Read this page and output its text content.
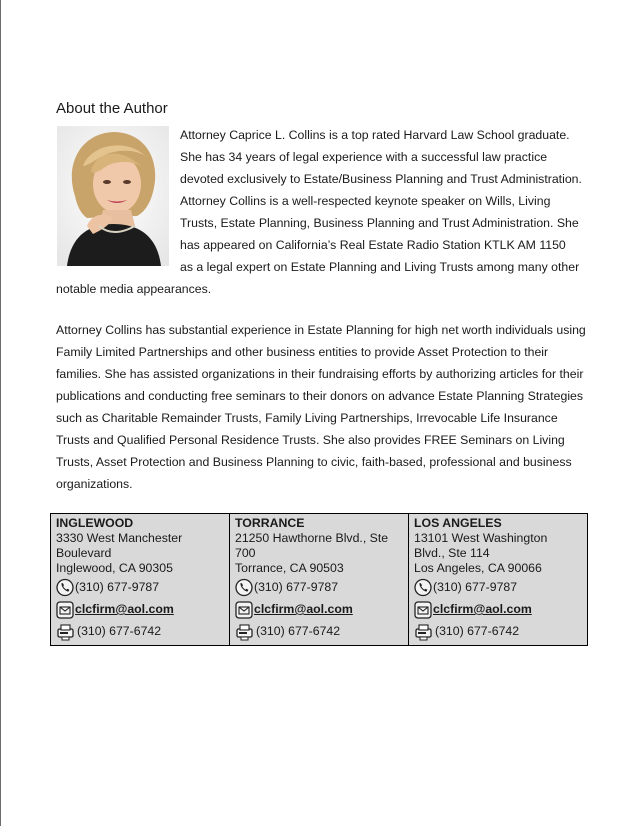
About the Author

Attorney Caprice L. Collins is a top rated Harvard Law School graduate. She has 34 years of legal experience with a successful law practice devoted exclusively to Estate/Business Planning and Trust Administration. Attorney Collins is a well-respected keynote speaker on Wills, Living Trusts, Estate Planning, Business Planning and Trust Administration. She has appeared on California’s Real Estate Radio Station KTLK AM 1150 as a legal expert on Estate Planning and Living Trusts among many other notable media appearances.

Attorney Collins has substantial experience in Estate Planning for high net worth individuals using Family Limited Partnerships and other business entities to provide Asset Protection to their families. She has assisted organizations in their fundraising efforts by authorizing articles for their publications and conducting free seminars to their donors on advance Estate Planning Strategies such as Charitable Remainder Trusts, Family Living Partnerships, Irrevocable Life Insurance Trusts and Qualified Personal Residence Trusts. She also provides FREE Seminars on Living Trusts, Asset Protection and Business Planning to civic, faith-based, professional and business organizations.

INGLEWOOD
3330 West Manchester
Boulevard
Inglewood, CA 90305
(310) 677-9787
clcfirm@aol.com
(310) 677-6742

TORRANCE
21250 Hawthorne Blvd., Ste
700
Torrance, CA 90503
(310) 677-9787
clcfirm@aol.com
(310) 677-6742

LOS ANGELES
13101 West Washington
Blvd., Ste 114
Los Angeles, CA 90066
(310) 677-9787
clcfirm@aol.com
(310) 677-6742
